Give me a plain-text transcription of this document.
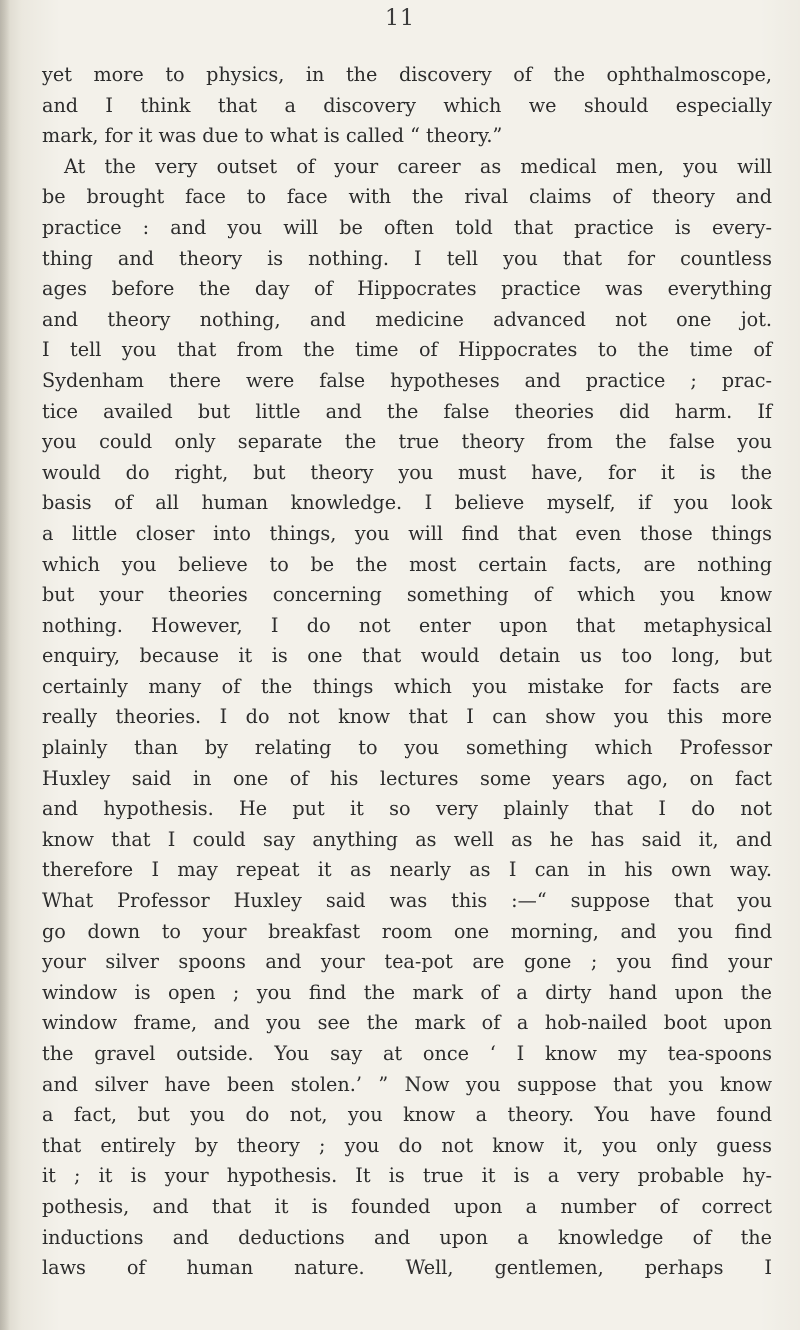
11
yet more to physics, in the discovery of the ophthalmoscope,
and I think that a discovery which we should especially
mark, for it was due to what is called “ theory.”
At the very outset of your career as medical men, you will
be brought face to face with the rival claims of theory and
practice : and you will be often told that practice is every-
thing and theory is nothing. I tell you that for countless
ages before the day of Hippocrates practice was everything
and theory nothing, and medicine advanced not one jot.
I tell you that from the time of Hippocrates to the time of
Sydenham there were false hypotheses and practice ; prac-
tice availed but little and the false theories did harm. If
you could only separate the true theory from the false you
would do right, but theory you must have, for it is the
basis of all human knowledge. I believe myself, if you look
a little closer into things, you will find that even those things
which you believe to be the most certain facts, are nothing
but your theories concerning something of which you know
nothing. However, I do not enter upon that metaphysical
enquiry, because it is one that would detain us too long, but
certainly many of the things which you mistake for facts are
really theories. I do not know that I can show you this more
plainly than by relating to you something which Professor
Huxley said in one of his lectures some years ago, on fact
and hypothesis. He put it so very plainly that I do not
know that I could say anything as well as he has said it, and
therefore I may repeat it as nearly as I can in his own way.
What Professor Huxley said was this :—“ suppose that you
go down to your breakfast room one morning, and you find
your silver spoons and your tea-pot are gone ; you find your
window is open ; you find the mark of a dirty hand upon the
window frame, and you see the mark of a hob-nailed boot upon
the gravel outside. You say at once ‘ I know my tea-spoons
and silver have been stolen.’ ” Now you suppose that you know
a fact, but you do not, you know a theory. You have found
that entirely by theory ; you do not know it, you only guess
it ; it is your hypothesis. It is true it is a very probable hy-
pothesis, and that it is founded upon a number of correct
inductions and deductions and upon a knowledge of the
laws of human nature. Well, gentlemen, perhaps I
